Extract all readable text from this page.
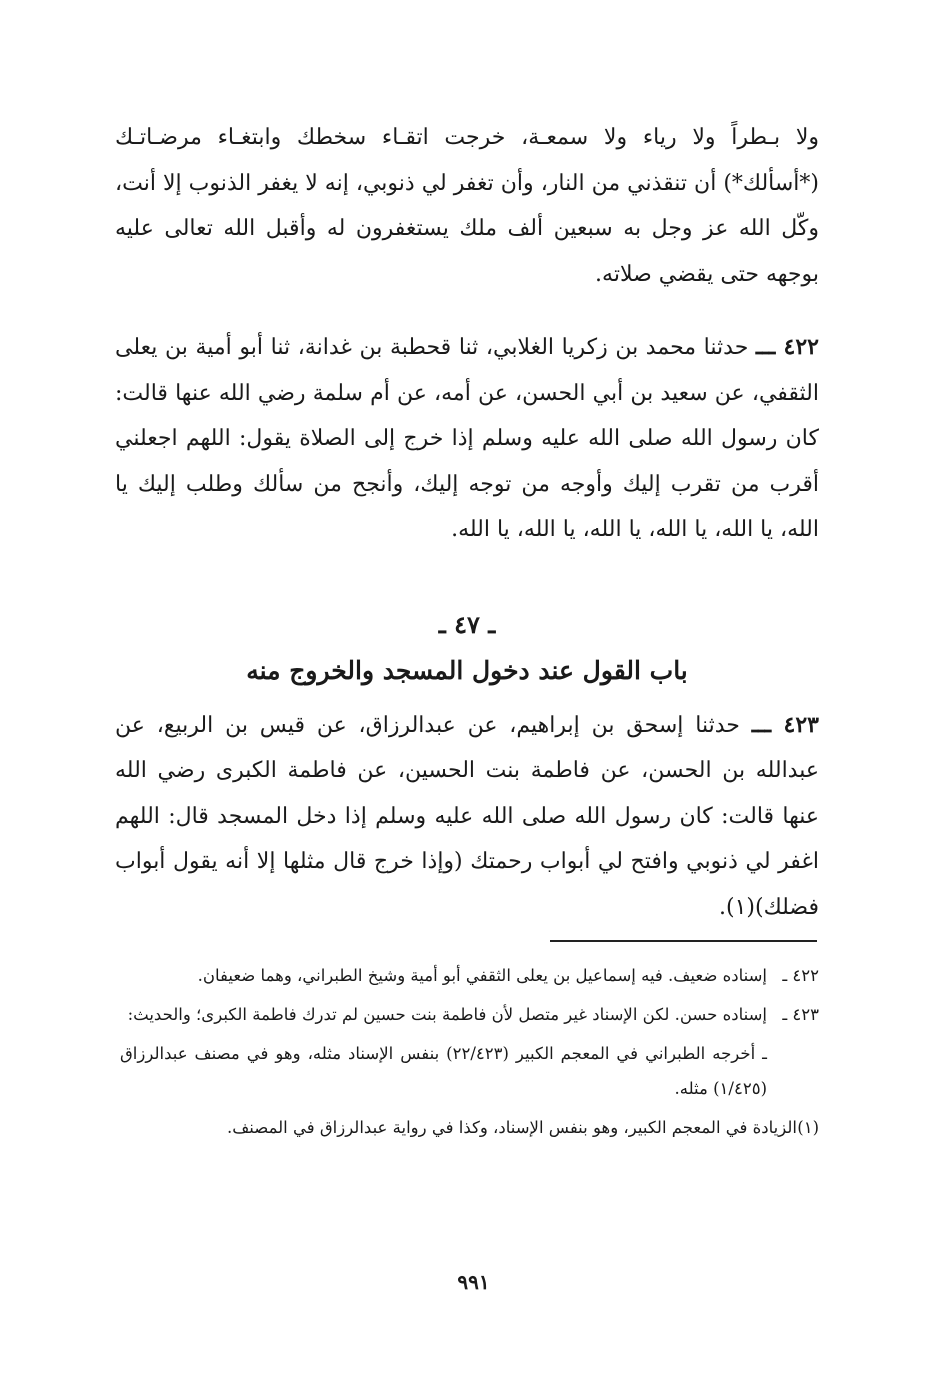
ولا بـطراً ولا رياء ولا سمعـة، خرجت اتقـاء سخطك وابتغـاء مرضـاتـك (*أسألك*) أن تنقذني من النار، وأن تغفر لي ذنوبي، إنه لا يغفر الذنوب إلا أنت، وكّل الله عز وجل به سبعين ألف ملك يستغفرون له وأقبل الله تعالى عليه بوجهه حتى يقضي صلاته.

٤٢٢ ـــ حدثنا محمد بن زكريا الغلابي، ثنا قحطبة بن غدانة، ثنا أبو أمية بن يعلى الثقفي، عن سعيد بن أبي الحسن، عن أمه، عن أم سلمة رضي الله عنها قالت: كان رسول الله صلى الله عليه وسلم إذا خرج إلى الصلاة يقول: اللهم اجعلني أقرب من تقرب إليك وأوجه من توجه إليك، وأنجح من سألك وطلب إليك يا الله، يا الله، يا الله، يا الله، يا الله، يا الله.

ـ ٤٧ ـ

باب القول عند دخول المسجد والخروج منه

٤٢٣ ـــ حدثنا إسحق بن إبراهيم، عن عبدالرزاق، عن قيس بن الربيع، عن عبدالله بن الحسن، عن فاطمة بنت الحسين، عن فاطمة الكبرى رضي الله عنها قالت: كان رسول الله صلى الله عليه وسلم إذا دخل المسجد قال: اللهم اغفر لي ذنوبي وافتح لي أبواب رحمتك (وإذا خرج قال مثلها إلا أنه يقول أبواب فضلك)(١).

٤٢٢ ـ
إسناده ضعيف. فيه إسماعيل بن يعلى الثقفي أبو أمية وشيخ الطبراني، وهما ضعيفان.

٤٢٣ ـ
إسناده حسن. لكن الإسناد غير متصل لأن فاطمة بنت حسين لم تدرك فاطمة الكبرى؛ والحديث:

ـ أخرجه الطبراني في المعجم الكبير (٢٢/٤٢٣) بنفس الإسناد مثله، وهو في مصنف عبدالرزاق (١/٤٢٥) مثله.

(١)
الزيادة في المعجم الكبير، وهو بنفس الإسناد، وكذا في رواية عبدالرزاق في المصنف.

٩٩١
